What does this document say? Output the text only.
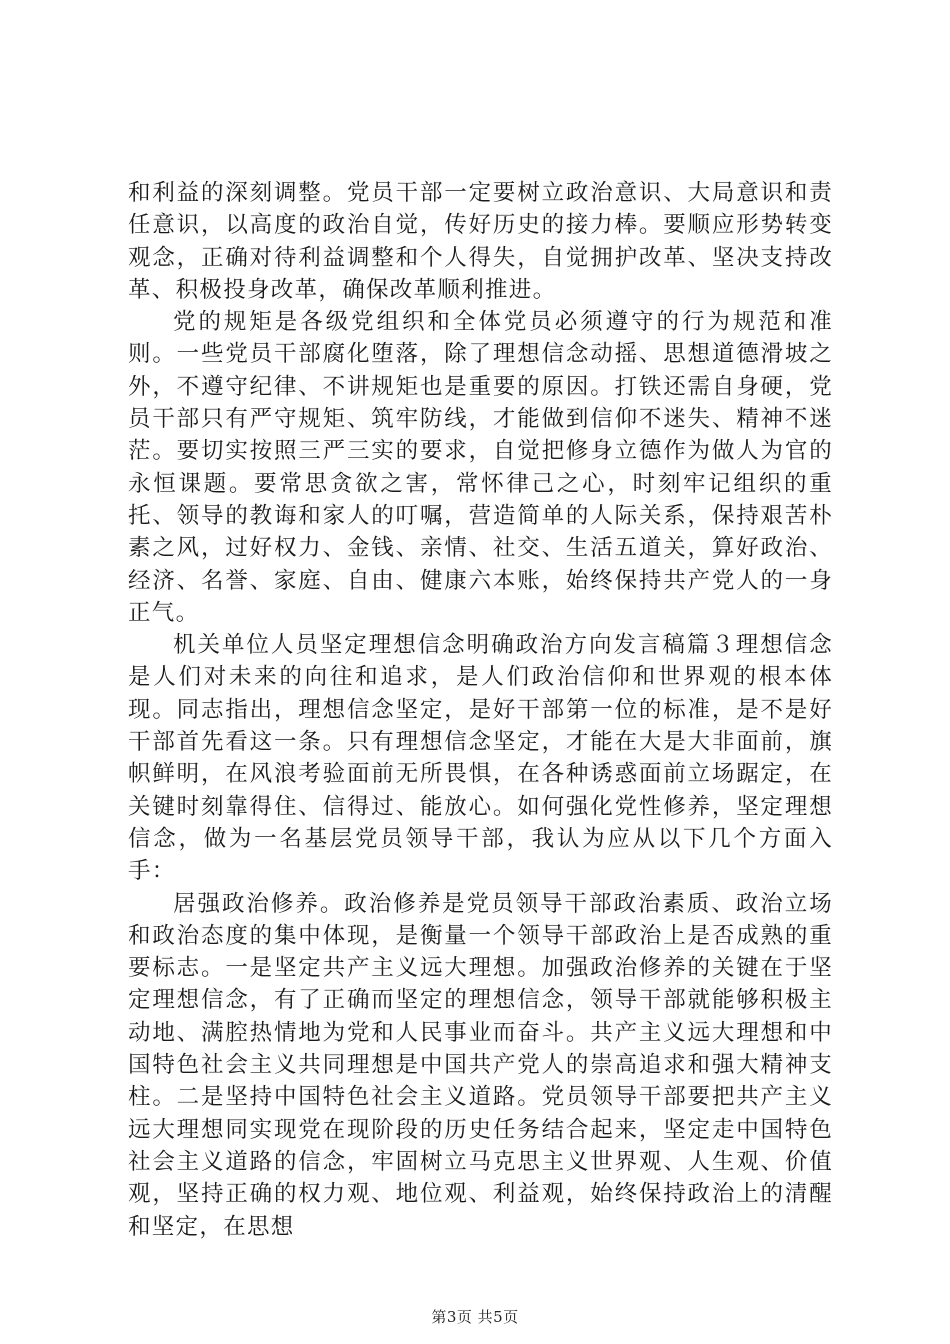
和利益的深刻调整。党员干部一定要树立政治意识、大局意识和责任意识，以高度的政治自觉，传好历史的接力棒。要顺应形势转变观念，正确对待利益调整和个人得失，自觉拥护改革、坚决支持改革、积极投身改革，确保改革顺利推进。

党的规矩是各级党组织和全体党员必须遵守的行为规范和准则。一些党员干部腐化堕落，除了理想信念动摇、思想道德滑坡之外，不遵守纪律、不讲规矩也是重要的原因。打铁还需自身硬，党员干部只有严守规矩、筑牢防线，才能做到信仰不迷失、精神不迷茫。要切实按照三严三实的要求，自觉把修身立德作为做人为官的永恒课题。要常思贪欲之害，常怀律己之心，时刻牢记组织的重托、领导的教诲和家人的叮嘱，营造简单的人际关系，保持艰苦朴素之风，过好权力、金钱、亲情、社交、生活五道关，算好政治、经济、名誉、家庭、自由、健康六本账，始终保持共产党人的一身正气。

机关单位人员坚定理想信念明确政治方向发言稿篇３理想信念是人们对未来的向往和追求，是人们政治信仰和世界观的根本体现。同志指出，理想信念坚定，是好干部第一位的标准，是不是好干部首先看这一条。只有理想信念坚定，才能在大是大非面前，旗帜鲜明，在风浪考验面前无所畏惧，在各种诱惑面前立场踞定，在关键时刻靠得住、信得过、能放心。如何强化党性修养，坚定理想信念，做为一名基层党员领导干部，我认为应从以下几个方面入手：

居强政治修养。政治修养是党员领导干部政治素质、政治立场和政治态度的集中体现，是衡量一个领导干部政治上是否成熟的重要标志。一是坚定共产主义远大理想。加强政治修养的关键在于坚定理想信念，有了正确而坚定的理想信念，领导干部就能够积极主动地、满腔热情地为党和人民事业而奋斗。共产主义远大理想和中国特色社会主义共同理想是中国共产党人的崇高追求和强大精神支柱。二是坚持中国特色社会主义道路。党员领导干部要把共产主义远大理想同实现党在现阶段的历史任务结合起来，坚定走中国特色社会主义道路的信念，牢固树立马克思主义世界观、人生观、价值观，坚持正确的权力观、地位观、利益观，始终保持政治上的清醒和坚定，在思想

第3页 共5页
